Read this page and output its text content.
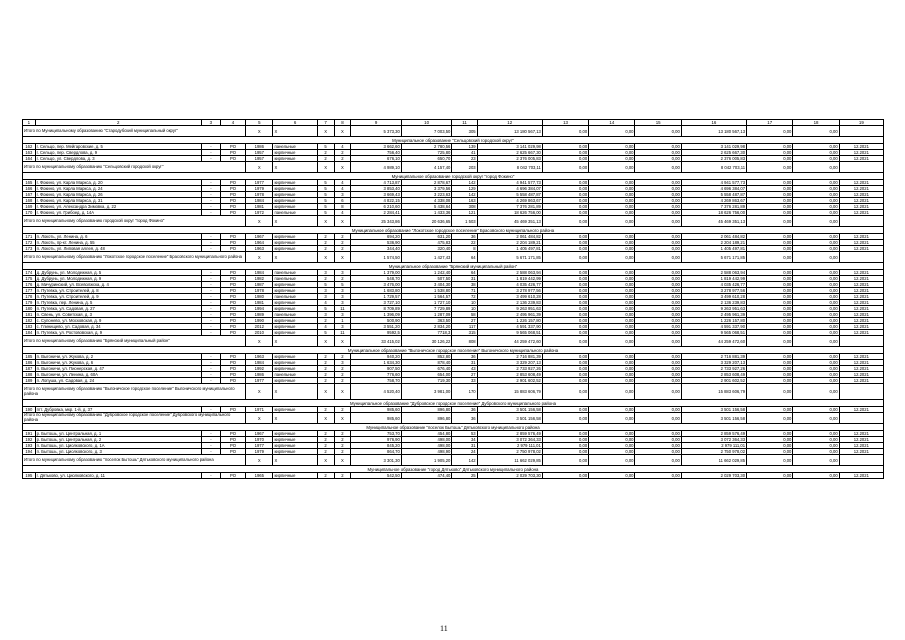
1	2	3	4	5	6	7	8	9	10	11	12	13	14	15	16	17	18	19
Итого по Муниципальному образованию "Стародубский муниципальный округ"				X	X	X	X	5 373,30	7 003,50	305	13 180 567,13	0,00	0,00	0,00	13 180 567,13	0,00	0,00	
Муниципальное образование "Сельцовский городской округ"																		
162	г. Сельцо, пер. Мейгаровские, д. 5	-	РО	1986	панельные	5	4	3 662,60	2 780,56	139	3 141 029,98	0,00	0,00	0,00	3 141 029,98	0,00	0,00	12.2021
163	г. Сельцо, пер. Свердлова, д. 9	-	РО	1957	кирпичные	2	2	756,40	725,80	41	2 625 667,30	0,00	0,00	0,00	2 625 667,30	0,00	0,00	12.2021
164	г. Сельцо, ул. Свердлова, д. 3	-	РО	1957	кирпичные	2	2	676,10	650,70	23	2 376 005,83	0,00	0,00	0,00	2 376 005,83	0,00	0,00	12.2021
Итого по муниципальному образованию "Сельцовский городской округ"				X	X	X	X	4 989,10	4 157,40	203	8 042 703,11	0,00	0,00	0,00	8 042 703,11	0,00	0,00	
Муниципальное образование городской округ "город Фокино"																		
165	г. Фокино, ул. Карла Маркса, д. 20	-	РО	1977	кирпичные	5	4	4 713,87	2 878,67	142	4 941 577,73	0,00	0,00	0,00	4 941 577,73	0,00	0,00	12.2021
166	г. Фокино, ул. Карла Маркса, д. 24	-	РО	1979	кирпичные	5	4	3 853,40	3 379,56	129	4 696 384,07	0,00	0,00	0,00	4 696 384,07	0,00	0,00	12.2021
167	г. Фокино, ул. Карла Маркса, д. 26	-	РО	1978	кирпичные	5	3	3 669,43	3 223,63	142	5 558 487,87	0,00	0,00	0,00	5 558 487,87	0,00	0,00	12.2021
168	г. Фокино, ул. Карла Маркса, д. 31	-	РО	1984	кирпичные	5	6	4 822,15	4 338,08	163	4 269 863,67	0,00	0,00	0,00	4 269 863,67	0,00	0,00	12.2021
169	г. Фокино, ул. Александра Зимовка, д. 22	-	РО	1981	кирпичные	5	8	6 210,60	5 438,64	308	7 376 281,89	0,00	0,00	0,00	7 376 281,89	0,00	0,00	12.2021
170	г. Фокино, ул. Грибоед, д. 14А	-	РО	1972	панельные	5	4	2 284,41	1 433,36	121	18 626 756,00	0,00	0,00	0,00	18 626 756,00	0,00	0,00	12.2021
Итого по муниципальному образованию городской округ "город Фокино"				X	X	X	X	25 343,86	20 636,65	1 503	45 469 351,13	0,00	0,00	0,00	45 469 351,13	0,00	0,00	
Муниципальное образование "Локотское городское поселение" Брасовского муниципального района																		
171	п. Локоть, ул. Ленина, д. 6	-	РО	1967	кирпичные	2	2	694,20	631,20	36	2 061 484,82	0,00	0,00	0,00	2 061 484,82	0,00	0,00	12.2021
172	п. Локоть, пр-кт. Ленина, д. 55	-	РО	1964	кирпичные	2	2	536,90	475,83	22	2 204 189,21	0,00	0,00	0,00	2 204 189,21	0,00	0,00	12.2021
173	п. Локоть, ул. Липовая аллея, д. 48	-	РО	1963	кирпичные	2	2	344,40	320,40	8	1 405 497,81	0,00	0,00	0,00	1 405 497,81	0,00	0,00	12.2021
Итого по муниципальному образованию "Локотское городское поселение" Брасовского муниципального района				X	X	X	X	1 574,50	1 427,43	64	5 671 171,85	0,00	0,00	0,00	5 671 171,85	0,00	0,00	
Муниципальное образование "Брянский муниципальный район"																		
174	д. Дубрунь, ул. Молодежная, д. 5	-	РО	1984	панельные	3	3	1 379,00	1 242,40	64	2 588 063,94	0,00	0,00	0,00	2 588 063,94	0,00	0,00	12.2021
175	д. Дубрунь, ул. Молодежная, д. 9	-	РО	1982	панельные	2	2	548,70	507,50	31	1 819 442,99	0,00	0,00	0,00	1 819 442,99	0,00	0,00	12.2021
176	д. Мичуринский, ул. Всеволжска, д. 4	-	РО	1987	кирпичные	5	5	3 476,00	3 404,30	38	4 035 426,77	0,00	0,00	0,00	4 035 426,77	0,00	0,00	12.2021
177	п. Путевка, ул. Строителей, д. 8	-	РО	1978	кирпичные	3	3	1 683,80	1 538,80	71	3 278 977,56	0,00	0,00	0,00	3 278 977,56	0,00	0,00	12.2021
178	п. Путевка, ул. Строителей, д. 9	-	РО	1980	панельные	3	3	1 729,57	1 564,57	72	3 499 610,28	0,00	0,00	0,00	3 499 610,28	0,00	0,00	12.2021
179	п. Путевка, пер. Ленина, д. 5	-	РО	1981	кирпичные	4	3	3 727,10	1 727,10	10	2 136 239,83	0,00	0,00	0,00	2 136 239,83	0,00	0,00	12.2021
180	п. Путевка, ул. Садовая, д. 27	-	РО	1994	кирпичные	5	11	8 709,89	7 729,89	10	9 263 951,63	0,00	0,00	0,00	9 263 951,63	0,00	0,00	12.2021
181	п. Свень, ул. Советская, д. 3	-	РО	1989	панельные	3	3	1 396,09	1 287,09	58	2 495 961,39	0,00	0,00	0,00	2 495 961,39	0,00	0,00	12.2021
182	с. Супонево, ул. Московская, д. 9	-	РО	1990	кирпичные	2	1	500,90	363,50	27	1 226 157,80	0,00	0,00	0,00	1 226 157,80	0,00	0,00	12.2021
183	с. Глинищево, ул. Садовая, д. 34	-	РО	2012	кирпичные	4	3	3 551,20	2 834,20	117	4 591 337,90	0,00	0,00	0,00	4 591 337,90	0,00	0,00	12.2021
184	п. Путевка, ул. Ростововская, д. 9	-	РО	2010	кирпичные	5	11	9592,5	7718,3	315	9 565 068,51	0,00	0,00	0,00	9 565 068,51	0,00	0,00	12.2021
Итого по муниципальному образованию "Брянский муниципальный район"				X	X	X	X	33 415,02	30 126,22	808	44 259 472,60	0,00	0,00	0,00	44 259 472,60	0,00	0,00	
Муниципальное образование "Выгоничское городское поселение" Выгоничского муниципального района																		
185	п. Выгоничи, ул. Жукова, д. 2	-	РО	1963	кирпичные	2	2	940,20	852,80	36	2 716 881,39	0,00	0,00	0,00	2 716 881,39	0,00	0,00	12.2021
186	п. Выгоничи, ул. Жукова, д. 6	-	РО	1984	кирпичные	2	3	1 634,30	878,40	31	3 329 207,13	0,00	0,00	0,00	3 329 207,13	0,00	0,00	12.2021
187	п. Выгоничи, ул. Пионерская, д. 47	-	РО	1992	кирпичные	2	2	907,50	676,40	43	2 733 927,26	0,00	0,00	0,00	2 733 927,26	0,00	0,00	12.2021
188	п. Выгоничи, ул. Ленина, д. 60А	-	РО	1986	панельные	2	2	776,60	654,00	27	2 853 608,49	0,00	0,00	0,00	2 853 608,49	0,00	0,00	12.2021
189	п. Лопуша, ул. Садовая, д. 24	-	РО	1977	кирпичные	2	2	758,70	719,30	33	2 901 602,52	0,00	0,00	0,00	2 901 602,52	0,00	0,00	12.2021
Итого по муниципальному образованию "Выгоничское городское поселение" Выгоничского муниципального района				X	X	X	X	4 520,40	3 981,00	170	15 883 606,79	0,00	0,00	0,00	15 883 606,79	0,00	0,00	
Муниципальное образование "Дубровское городское поселение" Дубровского муниципального района																		
190	пгт. Дубровка, мкр. 1-й, д. 37	-	РО	1971	кирпичные	2	2	985,60	896,80	36	3 501 156,58	0,00	0,00	0,00	3 501 156,58	0,00	0,00	12.2021
Итого по муниципальному образованию "Дубровское городское поселение" Дубровского муниципального района				X	X	X	X	985,60	896,80	36	3 501 156,58	0,00	0,00	0,00	3 501 156,58	0,00	0,00	
Муниципальное образование "поселок Бытошь" Дятьковского муниципального района																		
191	р. Бытошь, ул. Центральная, д. 1	-	РО	1967	кирпичные	2	2	753,70	454,80	53	2 859 576,49	0,00	0,00	0,00	2 859 576,49	0,00	0,00	12.2021
192	р. Бытошь, ул. Центральная, д. 2	-	РО	1970	кирпичные	2	2	976,90	498,00	34	3 072 364,33	0,00	0,00	0,00	3 072 364,33	0,00	0,00	12.2021
193	п. Бытошь, ул. Циолковского, д. 1А	-	РО	1977	кирпичные	2	2	845,20	498,00	31	2 979 111,01	0,00	0,00	0,00	2 979 111,01	0,00	0,00	12.2021
194	п. Бытошь, ул. Циолковского, д. 3	-	РО	1979	кирпичные	2	2	864,70	498,90	24	2 750 978,02	0,00	0,00	0,00	2 750 978,02	0,00	0,00	12.2021
Итого по муниципальному образованию "поселок Бытошь" Дятьковского муниципального района				X	X	X	X	3 301,30	1 905,20	142	11 662 029,85	0,00	0,00	0,00	11 662 029,85	0,00	0,00	
Муниципальное образование "город Дятьково" Дятьковского муниципального района																		
195	г. Дятьково, ул. Циолковского, д. 11	-	РО	1965	кирпичные	2	2	542,50	474,40	25	2 029 703,30	0,00	0,00	0,00	2 029 703,30	0,00	0,00	12.2021
11
